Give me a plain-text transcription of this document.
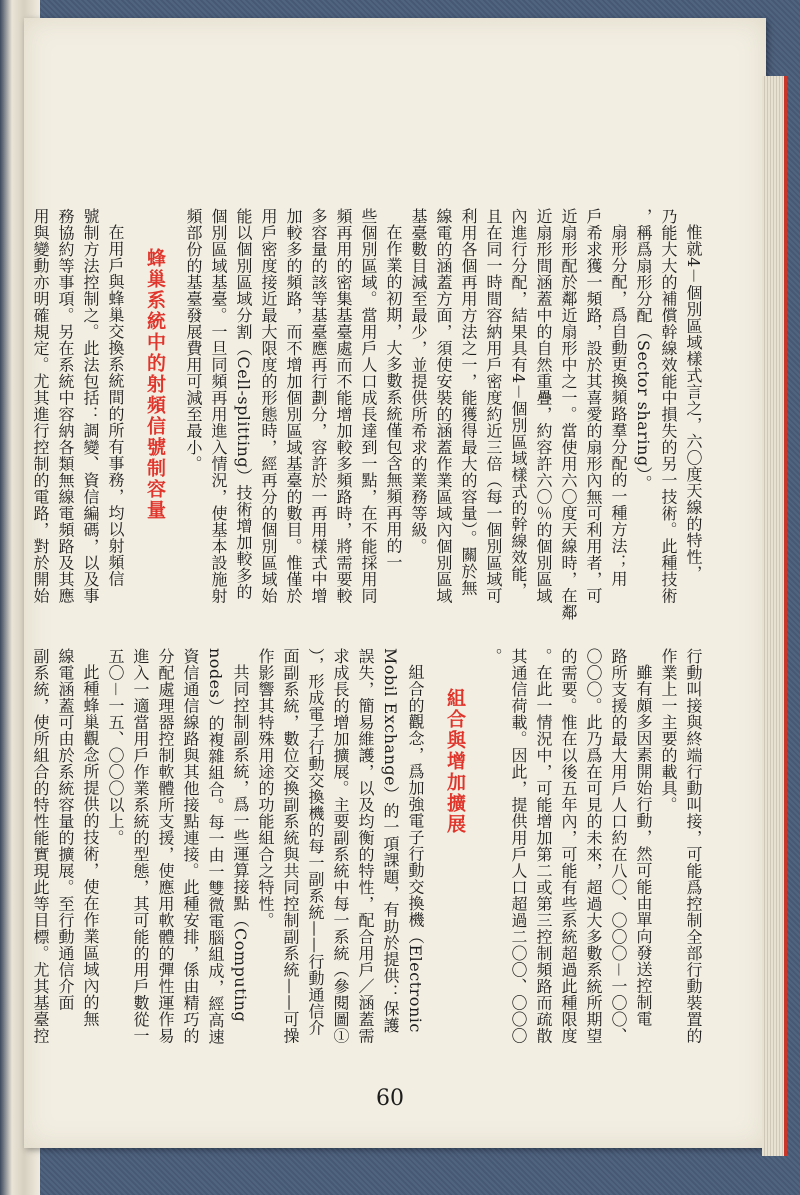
惟就4－個別區域樣式言之，六〇度天線的特性，

乃能大大的補償幹線效能中損失的另一技術。此種技術

，稱爲扇形分配（Sector sharing）。

扇形分配，爲自動更換頻路羣分配的一種方法；用

戶希求獲一頻路，設於其喜愛的扇形內無可利用者，可

近扇形配於鄰近扇形中之一。當使用六〇度天線時，在鄰

近扇形間涵蓋中的自然重疊，約容許六〇％的個別區域

內進行分配，結果具有4－個別區域樣式的幹線效能，

且在同一時間容納用戶密度約近三倍（每一個別區域可

利用各個再用方法之一，能獲得最大的容量）。關於無

線電的涵蓋方面，須使安裝的涵蓋作業區域內個別區域

基臺數目減至最少，並提供所希求的業務等級。

在作業的初期，大多數系統僅包含無頻再用的一

些個別區域。當用戶人口成長達到一點，在不能採用同

頻再用的密集基臺處而不能增加較多頻路時，將需要較

多容量的該等基臺應再行劃分，容許於一再用樣式中增

加較多的頻路，而不增加個別區域基臺的數目。惟僅於

用戶密度接近最大限度的形態時，經再分的個別區域始

能以個別區域分割（Cell-splitting）技術增加較多的

個別區域基臺。一旦同頻再用進入情況，使基本設施射

頻部份的基臺發展費用可減至最小。

蜂巢系統中的射頻信號制容量

在用戶與蜂巢交換系統間的所有事務，均以射頻信

號制方法控制之。此法包括：調變、資信編碼，以及事

務協約等事項。另在系統中容納各類無線電頻路及其應

用與變動亦明確規定。尤其進行控制的電路，對於開始

行動叫接與終端行動叫接，可能爲控制全部行動裝置的

作業上一主要的載具。

雖有頗多因素開始行動，然可能由單向發送控制電

路所支援的最大用戶人口約在八〇、〇〇〇－一〇〇、

〇〇〇。此乃爲在可見的未來，超過大多數系統所期望

的需要。惟在以後五年內，可能有些系統超過此種限度

。在此一情況中，可能增加第二或第三控制頻路而疏散

其通信荷載。因此，提供用戶人口超過二〇〇、〇〇〇

。

組合與增加擴展

組合的觀念，爲加強電子行動交換機（Electronic

Mobil Exchange）的一項課題，有助於提供：保護

誤失，簡易維護，以及均衡的特性，配合用戶／涵蓋需

求成長的增加擴展。主要副系統中每一系統（參閱圖①

），形成電子行動交換機的每一副系統——行動通信介

面副系統，數位交換副系統與共同控制副系統——可操

作影響其特殊用途的功能組合之特性。

共同控制副系統，爲一些運算接點（Computing

nodes）的複雜組合。每一由一雙微電腦組成，經高速

資信通信線路與其他接點連接。此種安排，係由精巧的

分配處理器控制軟體所支援，使應用軟體的彈性運作易

進入一適當用戶作業系統的型態，其可能的用戶數從一

五〇－一五、〇〇〇以上。

此種蜂巢觀念所提供的技術，使在作業區域內的無

線電涵蓋可由於系統容量的擴展。至行動通信介面

副系統，使所組合的特性能實現此等目標。尤其基臺控

60
